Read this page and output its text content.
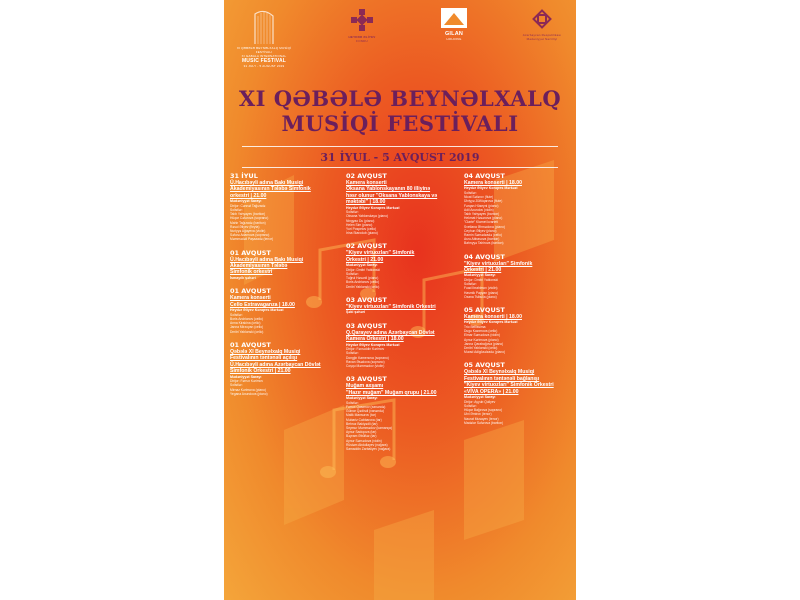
XI QƏBƏLƏ BEYNƏLXALQ MUSİQİ FESTİVALI
XI GABALA INTERNATIONAL
MUSIC FESTIVAL
31 JULY - 5 AUGUST 2019
HEYDƏR ƏLİYEV
FONDU
GILAN
HOLDING
Azərbaycan Respublikası
Mədəniyyət Nazirliyi
XI QƏBƏLƏ BEYNƏLXALQ
MUSİQİ FESTİVALI
31 İYUL - 5 AVQUST 2019
31 İYUL
Ü.Hacıbəyli adına Bakı Musiqi
Akademiyasının Tələbə Simfonik
orkestri | 21.00
Mədəniyyət Sarayı
Dirijor: Cənnət Tağızadə
Solistlər:
Talıb Yahyayev (bariton)
Hüqar Cəfərova (soprano)
Mahir Tağızadə (bariton)
Rəsul Əliyev (fleyta)
Nuriyyə Ağayeva (violin)
Səfurə Adamova (soprano)
Məmmədəli Paşazadə (tenor)
01 AVQUST
Ü.Hacıbəyli adına Bakı Musiqi
Akademiyasının Tələbə
Simfonik orkestri
İsmayıllı şəhəri
01 AVQUST
Kamera konserti
Cello Extravaganza | 18.00
Heydər Əliyev Konqres Mərkəzi
Solistlər:
Boris Andrianov (cello)
Anna Kirakina (cello)
Janna Mirzoyan (cello)
Dmitri Yablonski (cello)
01 AVQUST
Qəbələ XI Beynəlxalq Musiqi
Festivalının təntənəli açılışı
Ü.Hacıbəyli adına Azərbaycan Dövlət
Simfonik Orkestri | 21.00
Mədəniyyət Sarayı
Dirijor: Fərrux Kərimov
Solistlər:
Mirnaz Kərimova (piano)
Yegana Axundova (piano)
02 AVQUST
Kamera konserti
Oksana Yablonskayanın 80 illiyinə
həsr olunur "Oksana Yablonskaya və
məktəbi" | 18.00
Heydər Əliyev Konqres Mərkəzi
Solistlər:
Oksana Yablonskaya (piano)
Ningyao Du (piano)
Helen Sim (piano)
Yuri Pospelov (cello)
İrina Starodub (piano)
02 AVQUST
"Kiyev virtuozları" Simfonik
Orkestri | 21.00
Mədəniyyət Sarayı
Dirijor: Dmitri Yablonski
Solistlər:
Tuğrul Həsənli (piano)
Boris Andrianov (cello)
Dmitri Yablonski (cello)
03 AVQUST
"Kiyev virtuozları" Simfonik Orkestri
Şəki şəhəri
03 AVQUST
Q.Qarayev adına Azərbaycan Dövlət
Kamera Orkestri | 18.00
Heydər Əliyev Konqres Mərkəzi
Dirijor: Fəxrəddin Kərimov
Solistlər:
Dongjin Kamenova (soprano)
Ravan Əsədova (soprano)
Coşqu Məmmədov (violin)
03 AVQUST
Muğam axşamı
"Hazır muğam" Muğam qrupu | 21.00
Mədəniyyət Sarayı
Solistlər:
Fərrux Qasımov (xanəndə)
Gülnar Qədirəli (xanəndə)
Malik Mansurov (tar)
Mubariz Cabbarova (tar)
Behruz Bakiyədli (tar)
Seymur Məmmədov (kamança)
Aynur Sadıqova (tar)
Bəyram Əbülfəz (tar)
Aynur Səmədova (violin)
Rüstəm Abdullayev (nağara)
Samaddin Zarbaliyev (nağara)
04 AVQUST
Kamera konserti | 18.00
Heydər Əliyev Konqres Mərkəzi
Solistlər:
Nicat Səfərov (flute)
Ülviyyə Zülfüqarova (flute)
Fərqan Hüseyni (piano)
Adil Axundov (violin)
Talıb Yahyayev (bariton)
Hekmat Həsənova (piano)
"Clarté" Klarnet kvarteti
Svetlana Əhmədova (piano)
Ceyhun Əliyev (piano)
Ramin Səmədzadə (cello)
Arzu Abbasova (bariton)
Bahrıyyə Tahirova (bariton)
04 AVQUST
"Kiyev virtuozları" Simfonik
Orkestri | 21.00
Mədəniyyət Sarayı
Dirijor: Dmitri Yablonski
Solistlər:
Fuad İbrahimov (violin)
Hasmik Papyan (piano)
Oxana Tsibulia (piano)
05 AVQUST
Kamera konserti | 18.00
Heydər Əliyev Konqres Mərkəzi
Trio Bellissima:
Dugu Kazımova (cello)
Elmar Səmədova (violin)
Aynur Kərimova (piano)
Janna Qarabağova (piano)
Dmitri Yablonski (cello)
Murad Adigözəlzadə (piano)
05 AVQUST
Qəbələ XI Beynəlxalq Musiqi
Festivalının təntənəli bağlanışı
"Kiyev virtuozları" Simfonik Orkestri
«VİVA OPERA» | 21.00
Mədəniyyət Sarayı
Dirijor: Ayyub Quliyev
Solistlər:
Hüqar Bağırova (soprano)
Ulvi Əmirov (tenor)
Naurat Musayev (tenor)
Madəlar Səfərova (bariton)
